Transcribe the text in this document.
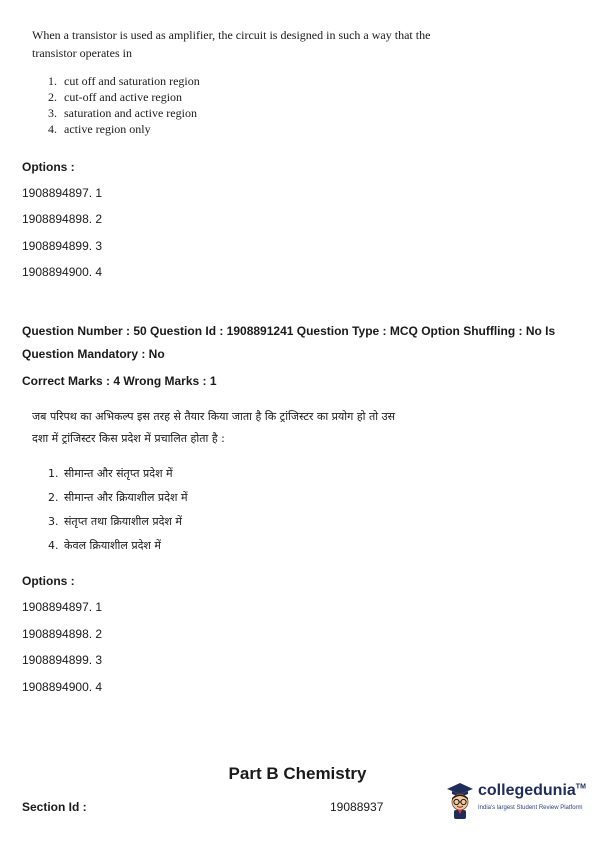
When a transistor is used as amplifier, the circuit is designed in such a way that the transistor operates in
1. cut off and saturation region
2. cut-off and active region
3. saturation and active region
4. active region only
Options :
1908894897. 1
1908894898. 2
1908894899. 3
1908894900. 4
Question Number : 50 Question Id : 1908891241 Question Type : MCQ Option Shuffling : No Is
Question Mandatory : No
Correct Marks : 4 Wrong Marks : 1
जब परिपथ का अभिकल्प इस तरह से तैयार किया जाता है कि ट्रांजिस्टर का प्रयोग हो तो उस
दशा में ट्रांजिस्टर किस प्रदेश में प्रचालित होता है :
1. सीमान्त और संतृप्त प्रदेश में
2. सीमान्त और क्रियाशील प्रदेश में
3. संतृप्त तथा क्रियाशील प्रदेश में
4. केवल क्रियाशील प्रदेश में
Options :
1908894897. 1
1908894898. 2
1908894899. 3
1908894900. 4
Part B Chemistry
Section Id :	19088937
collegedunia™
India's largest Student Review Platform
